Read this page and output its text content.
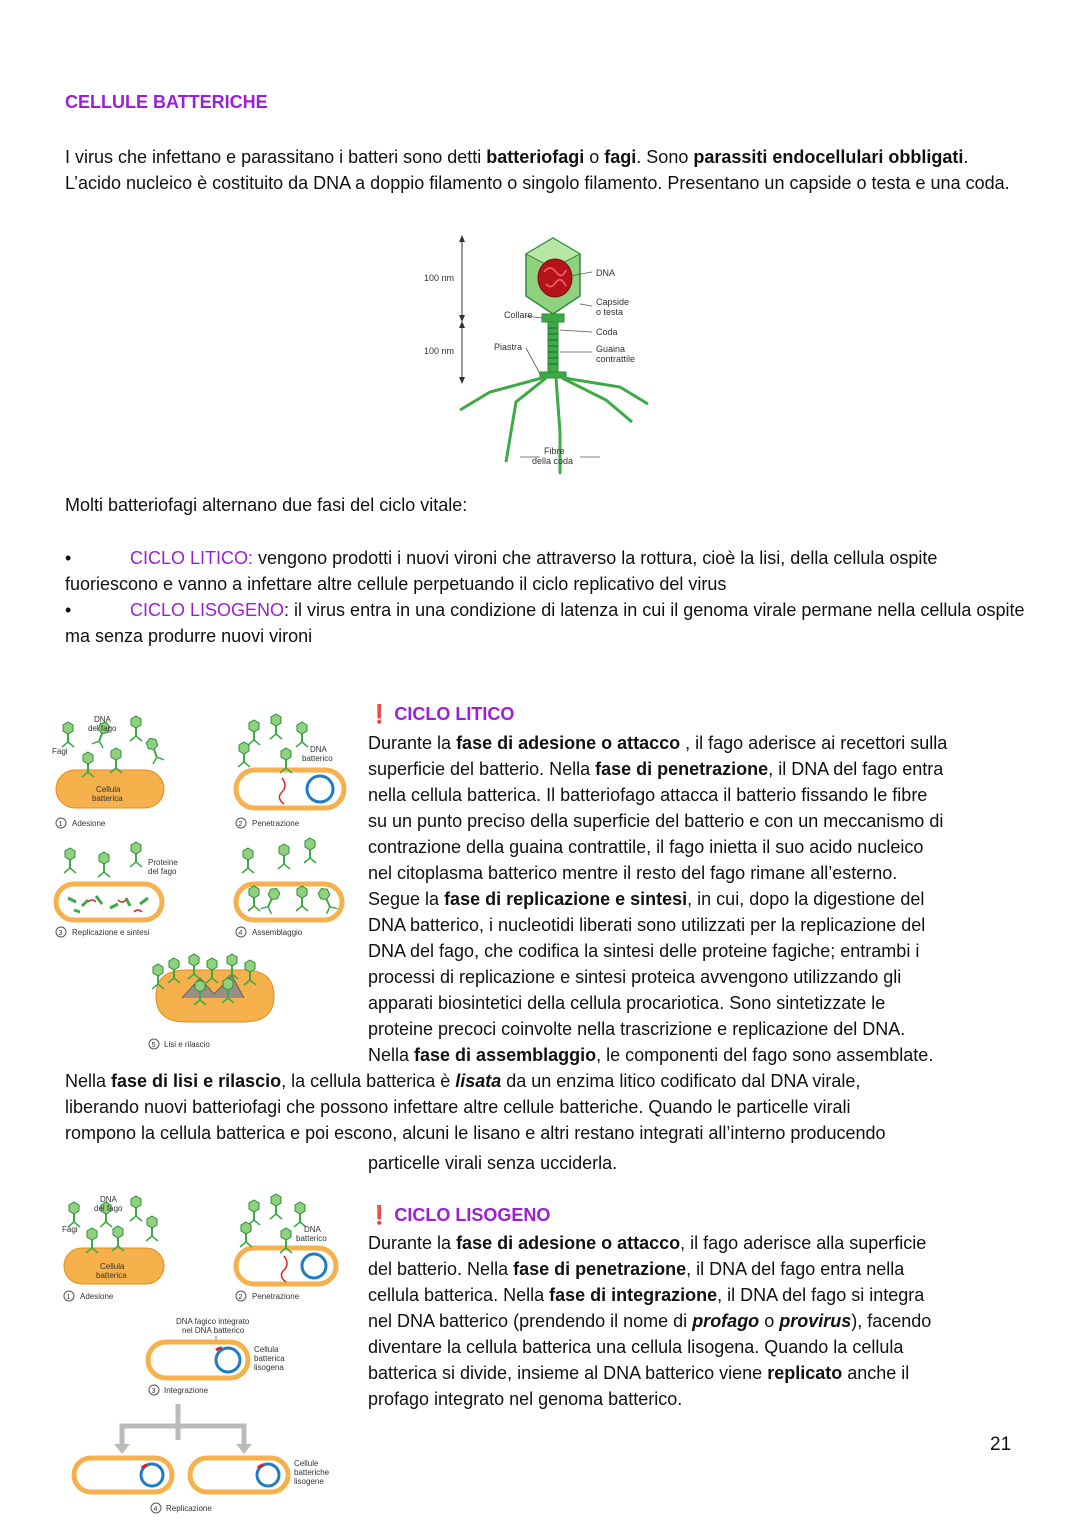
CELLULE BATTERICHE
I virus che infettano e parassitano i batteri sono detti batteriofagi o fagi. Sono parassiti endocellulari obbligati. L’acido nucleico è costituito da DNA a doppio filamento o singolo filamento. Presentano un capside o testa e una coda.
100 nm
100 nm
DNA
Capside
o testa
Collare
Coda
Piastra	Guaina
contrattile
Fibre
della coda
Molti batteriofagi alternano due fasi del ciclo vitale:
•	CICLO LITICO: vengono prodotti i nuovi vironi che attraverso la rottura, cioè la lisi, della cellula ospite fuoriescono e vanno a infettare altre cellule perpetuando il ciclo replicativo del virus
•	CICLO LISOGENO: il virus entra in una condizione di latenza in cui il genoma virale permane nella cellula ospite ma senza produrre nuovi vironi
DNA
del fago
Fagi
Cellula
batterica
1 Adesione
DNA
batterico
2 Penetrazione
Proteine
del fago
3 Replicazione e sintesi	4 Assemblaggio
5 Lisi e rilascio
❗ CICLO LITICO
Durante la fase di adesione o attacco , il fago aderisce ai recettori sulla
superficie del batterio. Nella fase di penetrazione, il DNA del fago entra
nella cellula batterica. Il batteriofago attacca il batterio fissando le fibre
su un punto preciso della superficie del batterio e con un meccanismo di
contrazione della guaina contrattile, il fago inietta il suo acido nucleico
nel citoplasma batterico mentre il resto del fago rimane all’esterno.
Segue la fase di replicazione e sintesi, in cui, dopo la digestione del
DNA batterico, i nucleotidi liberati sono utilizzati per la replicazione del
DNA del fago, che codifica la sintesi delle proteine fagiche; entrambi i
processi di replicazione e sintesi proteica avvengono utilizzando gli
apparati biosintetici della cellula procariotica. Sono sintetizzate le
proteine precoci coinvolte nella trascrizione e replicazione del DNA.
Nella fase di assemblaggio, le componenti del fago sono assemblate.
Nella fase di lisi e rilascio, la cellula batterica è lisata da un enzima litico codificato dal DNA virale,
liberando nuovi batteriofagi che possono infettare altre cellule batteriche. Quando le particelle virali
rompono la cellula batterica e poi escono, alcuni le lisano e altri restano integrati all’interno producendo
particelle virali senza ucciderla.
DNA
del fago
Fagi
Cellula
batterica
1 Adesione
DNA
batterico
2 Penetrazione
DNA fagico integrato
nel DNA batterico
Cellula
batterica
lisogena
3 Integrazione
Cellule
batteriche
lisogene
4 Replicazione
❗ CICLO LISOGENO
Durante la fase di adesione o attacco, il fago aderisce alla superficie
del batterio. Nella fase di penetrazione, il DNA del fago entra nella
cellula batterica. Nella fase di integrazione, il DNA del fago si integra
nel DNA batterico (prendendo il nome di profago o provirus), facendo
diventare la cellula batterica una cellula lisogena. Quando la cellula
batterica si divide, insieme al DNA batterico viene replicato anche il
profago integrato nel genoma batterico.
21
